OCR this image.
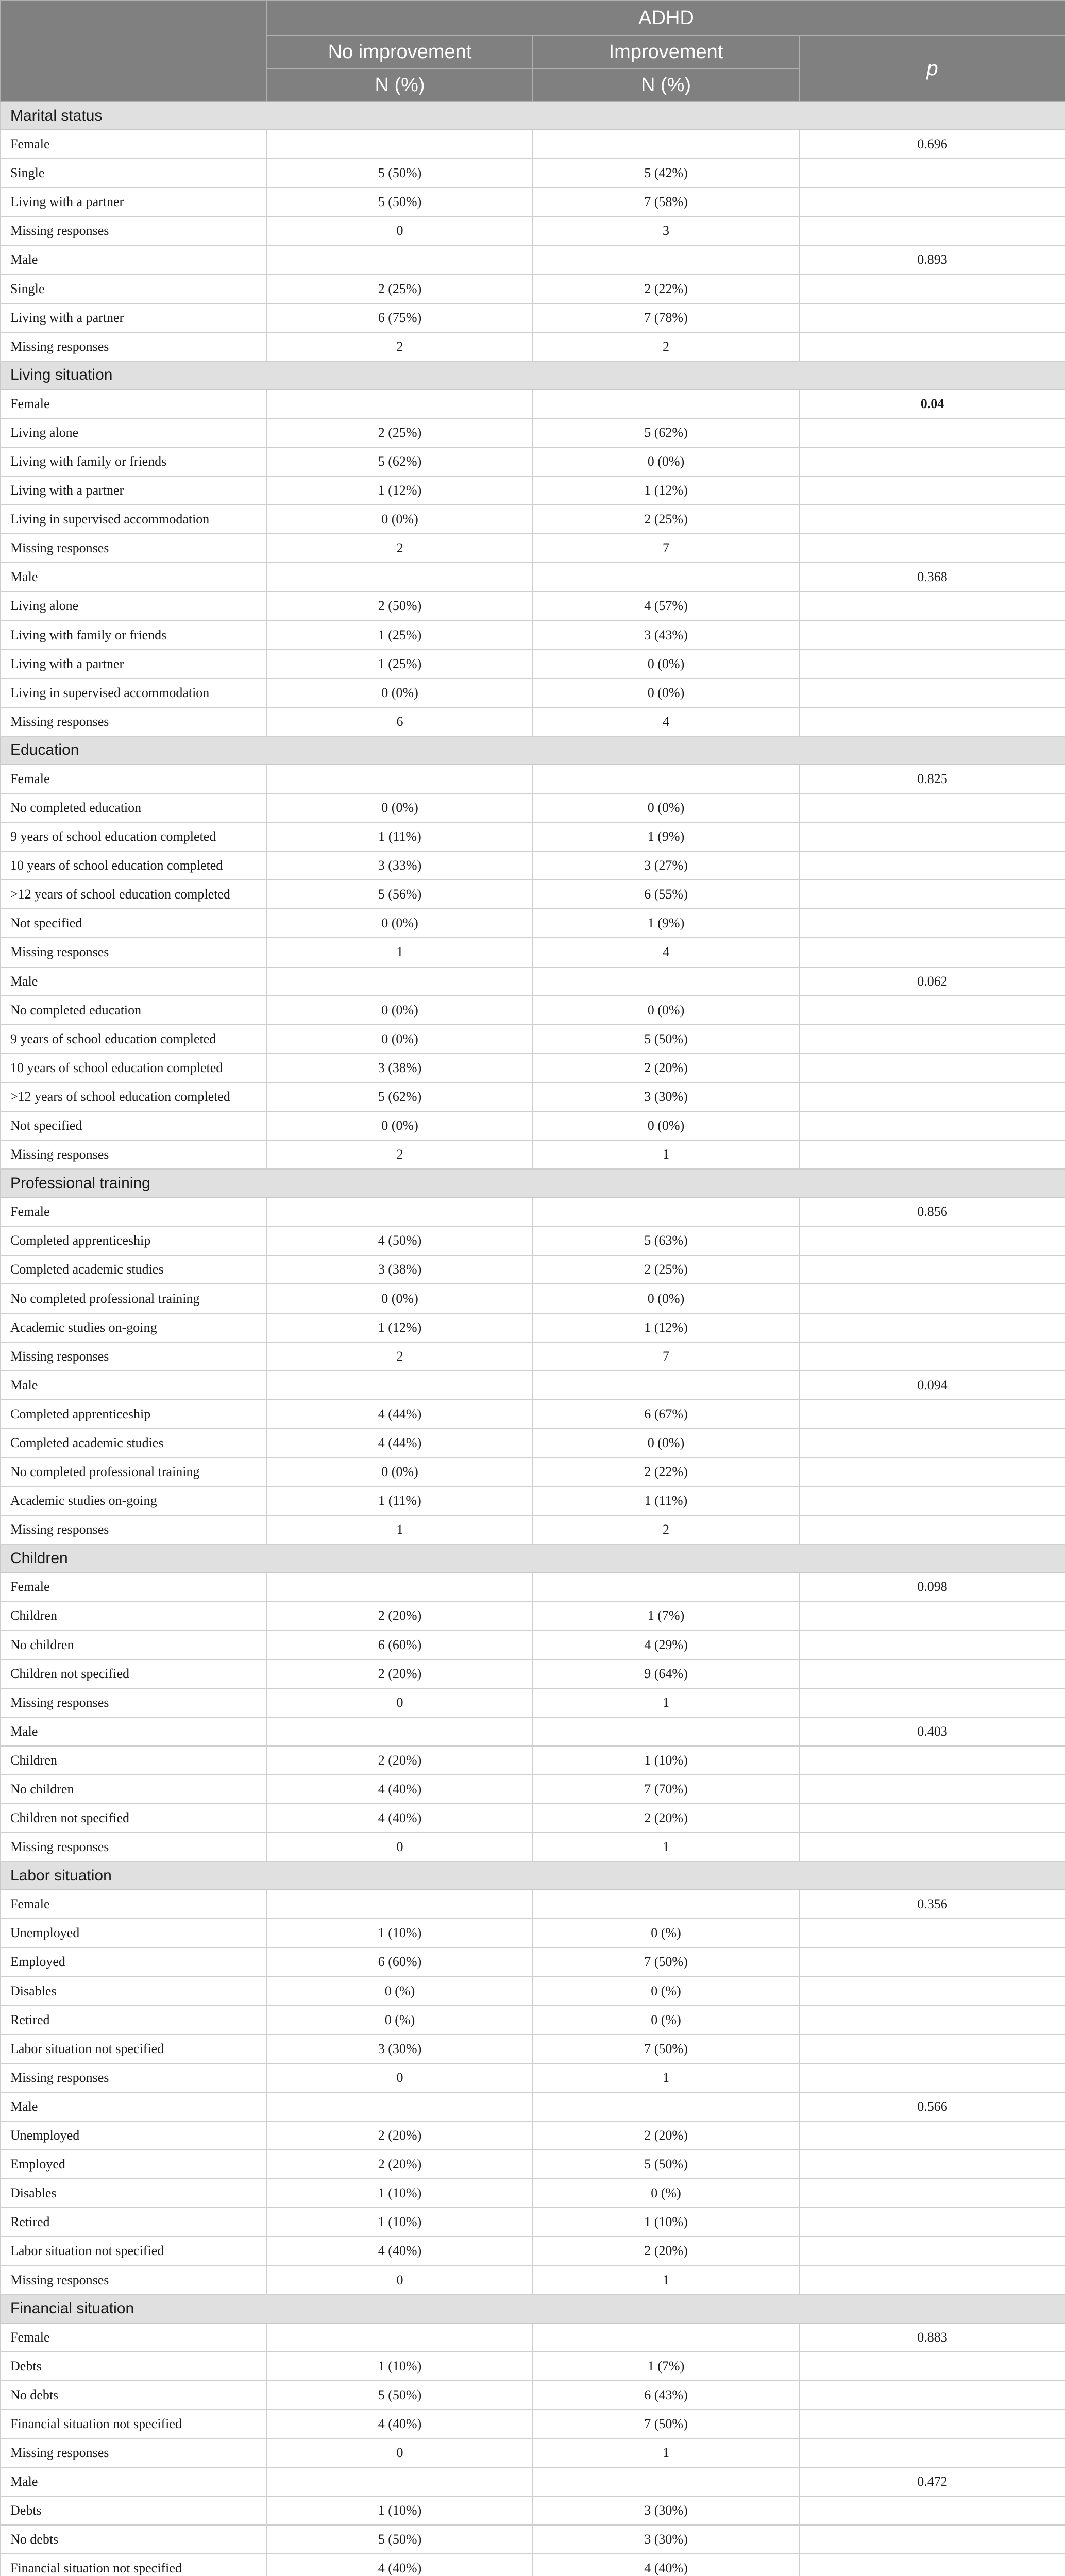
	ADHD		
	No improvement	Improvement	p
	N (%)	N (%)	
Marital status			
Female			0.696
Single	5 (50%)	5 (42%)	
Living with a partner	5 (50%)	7 (58%)	
Missing responses	0	3	
Male			0.893
Single	2 (25%)	2 (22%)	
Living with a partner	6 (75%)	7 (78%)	
Missing responses	2	2	
Living situation			
Female			0.04
Living alone	2 (25%)	5 (62%)	
Living with family or friends	5 (62%)	0 (0%)	
Living with a partner	1 (12%)	1 (12%)	
Living in supervised accommodation	0 (0%)	2 (25%)	
Missing responses	2	7	
Male			0.368
Living alone	2 (50%)	4 (57%)	
Living with family or friends	1 (25%)	3 (43%)	
Living with a partner	1 (25%)	0 (0%)	
Living in supervised accommodation	0 (0%)	0 (0%)	
Missing responses	6	4	
Education			
Female			0.825
No completed education	0 (0%)	0 (0%)	
9 years of school education completed	1 (11%)	1 (9%)	
10 years of school education completed	3 (33%)	3 (27%)	
>12 years of school education completed	5 (56%)	6 (55%)	
Not specified	0 (0%)	1 (9%)	
Missing responses	1	4	
Male			0.062
No completed education	0 (0%)	0 (0%)	
9 years of school education completed	0 (0%)	5 (50%)	
10 years of school education completed	3 (38%)	2 (20%)	
>12 years of school education completed	5 (62%)	3 (30%)	
Not specified	0 (0%)	0 (0%)	
Missing responses	2	1	
Professional training			
Female			0.856
Completed apprenticeship	4 (50%)	5 (63%)	
Completed academic studies	3 (38%)	2 (25%)	
No completed professional training	0 (0%)	0 (0%)	
Academic studies on-going	1 (12%)	1 (12%)	
Missing responses	2	7	
Male			0.094
Completed apprenticeship	4 (44%)	6 (67%)	
Completed academic studies	4 (44%)	0 (0%)	
No completed professional training	0 (0%)	2 (22%)	
Academic studies on-going	1 (11%)	1 (11%)	
Missing responses	1	2	
Children			
Female			0.098
Children	2 (20%)	1 (7%)	
No children	6 (60%)	4 (29%)	
Children not specified	2 (20%)	9 (64%)	
Missing responses	0	1	
Male			0.403
Children	2 (20%)	1 (10%)	
No children	4 (40%)	7 (70%)	
Children not specified	4 (40%)	2 (20%)	
Missing responses	0	1	
Labor situation			
Female			0.356
Unemployed	1 (10%)	0 (%)	
Employed	6 (60%)	7 (50%)	
Disables	0 (%)	0 (%)	
Retired	0 (%)	0 (%)	
Labor situation not specified	3 (30%)	7 (50%)	
Missing responses	0	1	
Male			0.566
Unemployed	2 (20%)	2 (20%)	
Employed	2 (20%)	5 (50%)	
Disables	1 (10%)	0 (%)	
Retired	1 (10%)	1 (10%)	
Labor situation not specified	4 (40%)	2 (20%)	
Missing responses	0	1	
Financial situation			
Female			0.883
Debts	1 (10%)	1 (7%)	
No debts	5 (50%)	6 (43%)	
Financial situation not specified	4 (40%)	7 (50%)	
Missing responses	0	1	
Male			0.472
Debts	1 (10%)	3 (30%)	
No debts	5 (50%)	3 (30%)	
Financial situation not specified	4 (40%)	4 (40%)	
